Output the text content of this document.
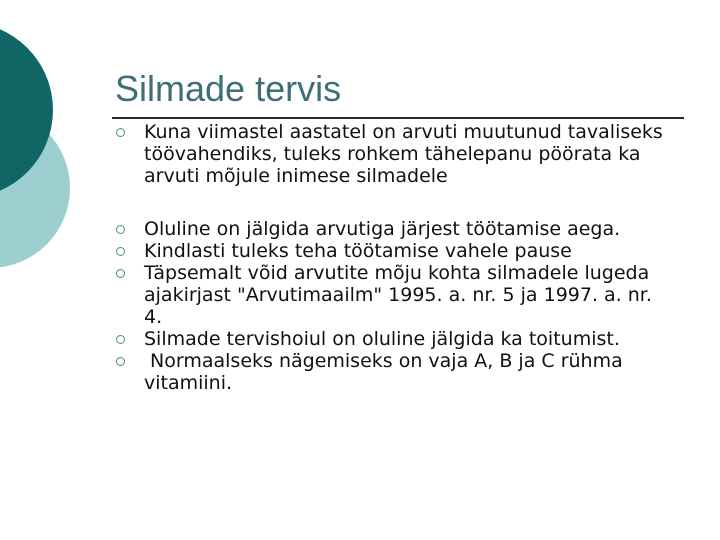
Silmade tervis
Kuna viimastel aastatel on arvuti muutunud tavaliseks töövahendiks, tuleks rohkem tähelepanu pöörata ka arvuti mõjule inimese silmadele
Oluline on jälgida arvutiga järjest töötamise aega.
Kindlasti tuleks teha töötamise vahele pause
Täpsemalt võid arvutite mõju kohta silmadele lugeda ajakirjast "Arvutimaailm" 1995. a. nr. 5 ja 1997. a. nr. 4.
Silmade tervishoiul on oluline jälgida ka toitumist.
Normaalseks nägemiseks on vaja A, B ja C rühma vitamiini.
